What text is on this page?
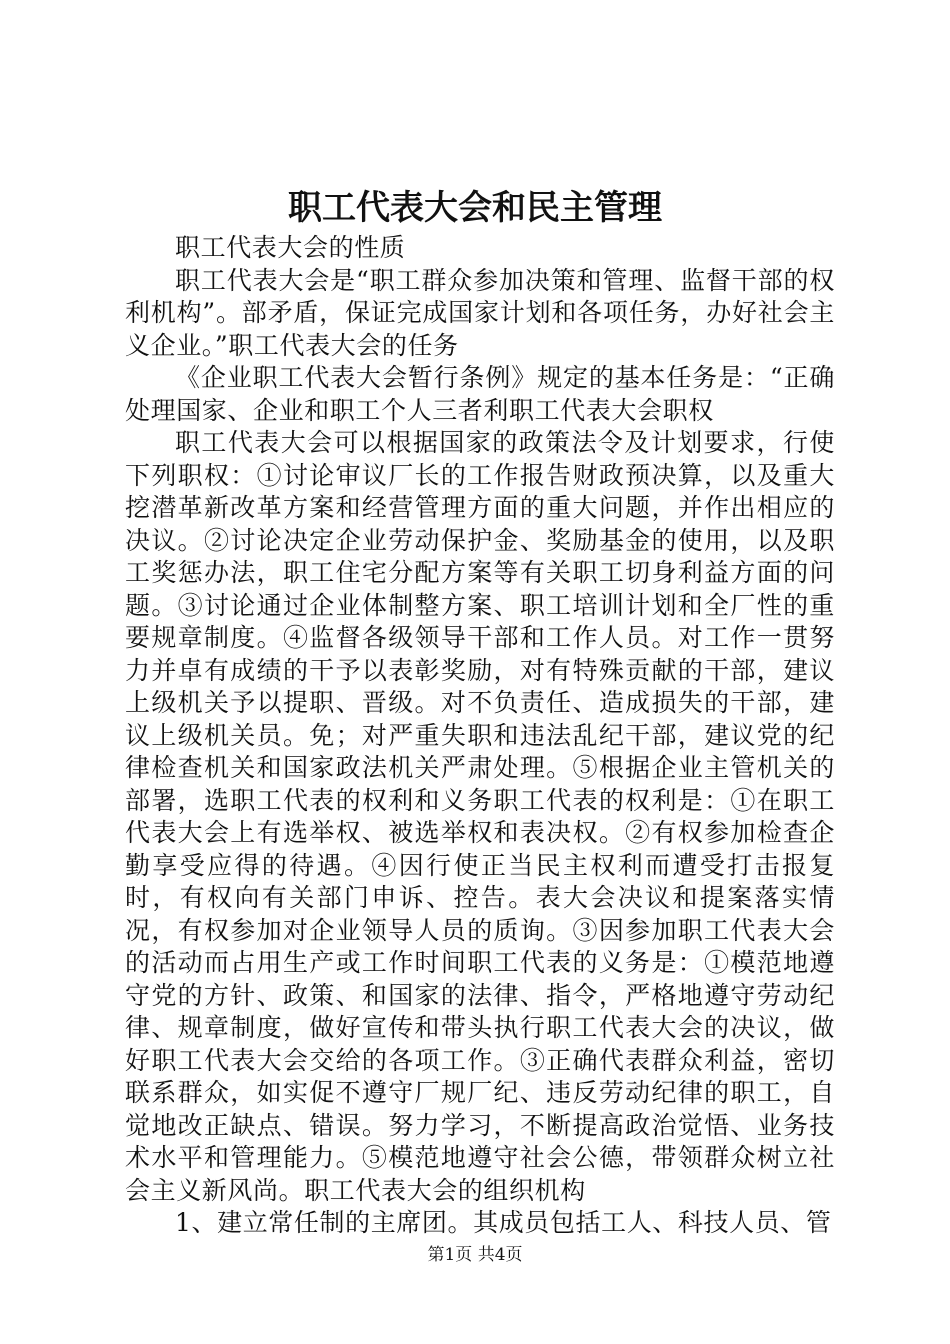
职工代表大会和民主管理

职工代表大会的性质

职工代表大会是“职工群众参加决策和管理、监督干部的权利机构”。部矛盾，保证完成国家计划和各项任务，办好社会主义企业。”职工代表大会的任务

《企业职工代表大会暂行条例》规定的基本任务是：“正确处理国家、企业和职工个人三者利职工代表大会职权

职工代表大会可以根据国家的政策法令及计划要求，行使下列职权：①讨论审议厂长的工作报告财政预决算，以及重大挖潜革新改革方案和经营管理方面的重大问题，并作出相应的决议。②讨论决定企业劳动保护金、奖励基金的使用，以及职工奖惩办法，职工住宅分配方案等有关职工切身利益方面的问题。③讨论通过企业体制整方案、职工培训计划和全厂性的重要规章制度。④监督各级领导干部和工作人员。对工作一贯努力并卓有成绩的干予以表彰奖励，对有特殊贡献的干部，建议上级机关予以提职、晋级。对不负责任、造成损失的干部，建议上级机关员。免；对严重失职和违法乱纪干部，建议党的纪律检查机关和国家政法机关严肃处理。⑤根据企业主管机关的部署，选职工代表的权利和义务职工代表的权利是：①在职工代表大会上有选举权、被选举权和表决权。②有权参加检查企勤享受应得的待遇。④因行使正当民主权利而遭受打击报复时，有权向有关部门申诉、控告。表大会决议和提案落实情况，有权参加对企业领导人员的质询。③因参加职工代表大会的活动而占用生产或工作时间职工代表的义务是：①模范地遵守党的方针、政策、和国家的法律、指令，严格地遵守劳动纪律、规章制度，做好宣传和带头执行职工代表大会的决议，做好职工代表大会交给的各项工作。③正确代表群众利益，密切联系群众，如实促不遵守厂规厂纪、违反劳动纪律的职工，自觉地改正缺点、错误。努力学习，不断提高政治觉悟、业务技术水平和管理能力。⑤模范地遵守社会公德，带领群众树立社会主义新风尚。职工代表大会的组织机构

1、建立常任制的主席团。其成员包括工人、科技人员、管

第1页 共4页
